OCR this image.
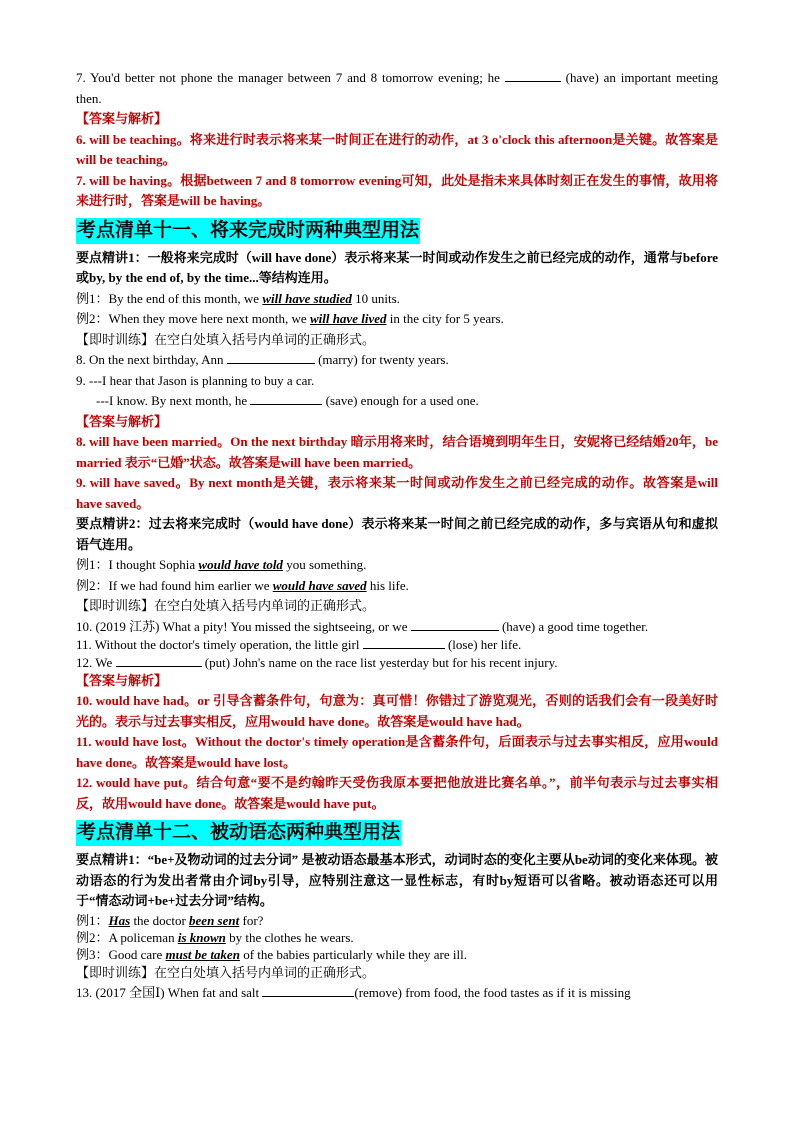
7. You'd better not phone the manager between 7 and 8 tomorrow evening; he	(have) an important meeting then.

【答案与解析】

6. will be teaching。将来进行时表示将来某一时间正在进行的动作，at 3 o'clock this afternoon是关键。故答案是will be teaching。

7. will be having。根据between 7 and 8 tomorrow evening可知，此处是指未来具体时刻正在发生的事情，故用将来进行时，答案是will be having。

考点清单十一、将来完成时两种典型用法

要点精讲1：一般将来完成时（will have done）表示将来某一时间或动作发生之前已经完成的动作，通常与before或by, by the end of, by the time...等结构连用。

例1：By the end of this month, we will have studied 10 units.

例2：When they move here next month, we will have lived in the city for 5 years.

【即时训练】在空白处填入括号内单词的正确形式。

8. On the next birthday, Ann	(marry) for twenty years.

9. ---I hear that Jason is planning to buy a car.

---I know. By next month, he	(save) enough for a used one.

【答案与解析】

8. will have been married。On the next birthday 暗示用将来时，结合语境到明年生日，安妮将已经结婚20年，be married 表示“已婚”状态。故答案是will have been married。

9. will have saved。By next month是关键，表示将来某一时间或动作发生之前已经完成的动作。故答案是will have saved。

要点精讲2：过去将来完成时（would have done）表示将来某一时间之前已经完成的动作，多与宾语从句和虚拟语气连用。

例1：I thought Sophia would have told you something.

例2：If we had found him earlier we would have saved his life.

【即时训练】在空白处填入括号内单词的正确形式。

10. (2019 江苏) What a pity! You missed the sightseeing, or we	(have) a good time together.

11. Without the doctor's timely operation, the little girl	(lose) her life.

12. We	(put) John's name on the race list yesterday but for his recent injury.

【答案与解析】

10. would have had。or 引导含蓄条件句，句意为：真可惜！你错过了游览观光，否则的话我们会有一段美好时光的。表示与过去事实相反，应用would have done。故答案是would have had。

11. would have lost。Without the doctor's timely operation是含蓄条件句，后面表示与过去事实相反，应用would have done。故答案是would have lost。

12. would have put。结合句意“要不是约翰昨天受伤我原本要把他放进比赛名单。”，前半句表示与过去事实相反，故用would have done。故答案是would have put。

考点清单十二、被动语态两种典型用法

要点精讲1：“be+及物动词的过去分词” 是被动语态最基本形式，动词时态的变化主要从be动词的变化来体现。被动语态的行为发出者常由介词by引导，应特别注意这一显性标志，有时by短语可以省略。被动语态还可以用于“情态动词+be+过去分词”结构。

例1：Has the doctor been sent for?

例2：A policeman is known by the clothes he wears.

例3：Good care must be taken of the babies particularly while they are ill.

【即时训练】在空白处填入括号内单词的正确形式。

13. (2017 全国Ⅰ) When fat and salt	(remove) from food, the food tastes as if it is missing
